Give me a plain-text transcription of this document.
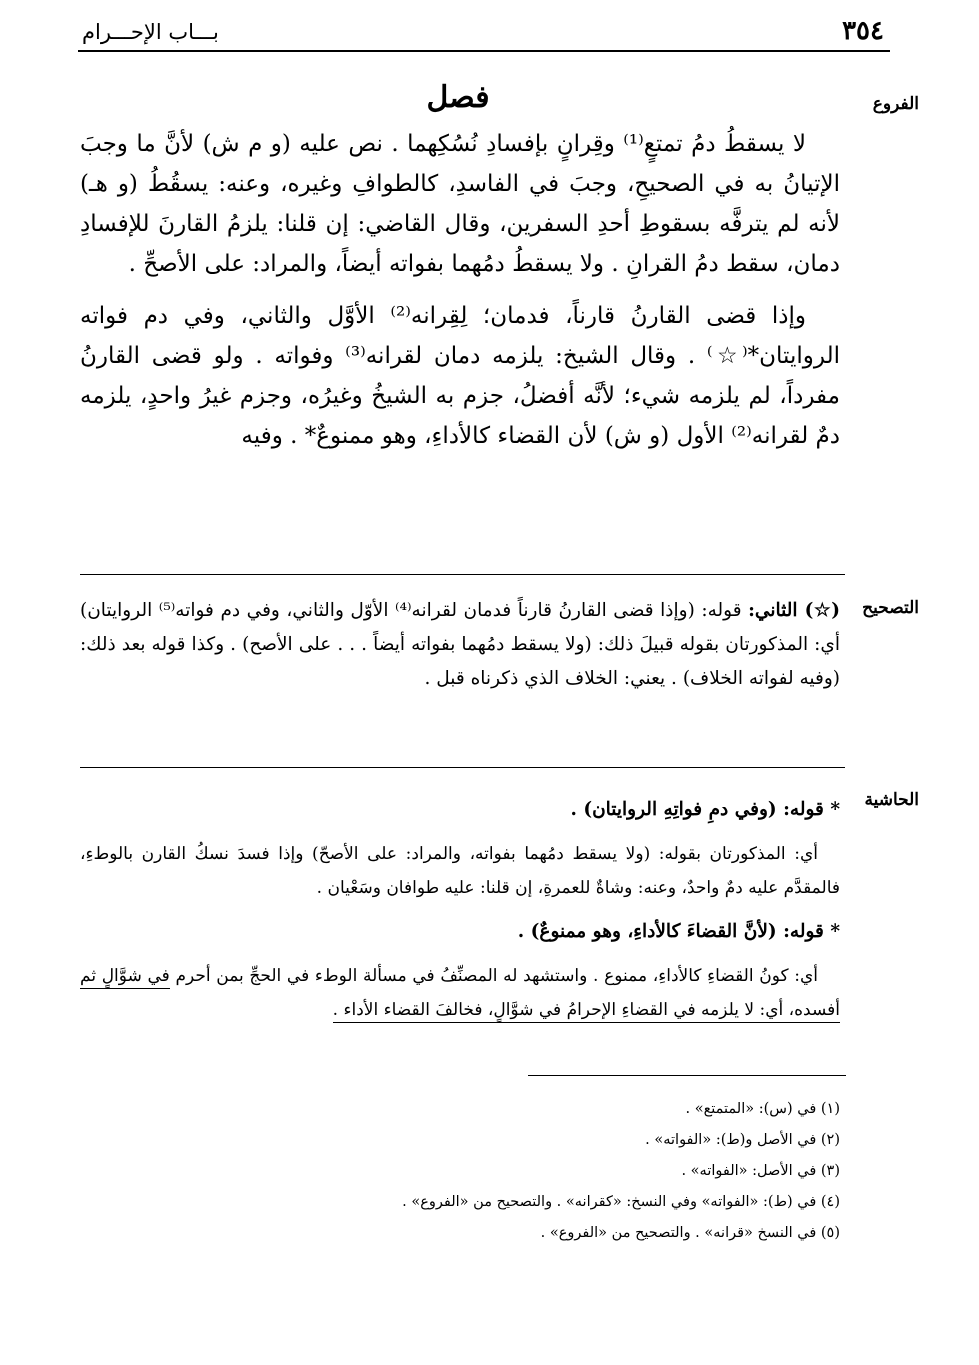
٣٥٤
بـــاب الإحـــرام
الفروع
فصل

لا يسقطُ دمُ تمتعٍ⁽¹⁾ وقِرانٍ بإفسادِ نُسُكِهما . نص عليه (و م ش) لأنَّ ما وجبَ الإتيانُ به في الصحيحِ، وجبَ في الفاسدِ، كالطوافِ وغيره، وعنه: يسقُطُ (و هـ) لأنه لم يترفَّه بسقوطِ أحدِ السفرين، وقال القاضي: إن قلنا: يلزمُ القارنَ للإفسادِ دمان، سقط دمُ القرانِ . ولا يسقطُ دمُهما بفواته أيضاً، والمراد: على الأصحِّ .

وإذا قضى القارنُ قارناً، فدمان؛ لِقِرانه⁽²⁾ الأوَّل والثاني، وفي دم فواته الروايتان*⁽☆⁾ . وقال الشيخ: يلزمه دمان لقرانه⁽³⁾ وفواته . ولو قضى القارنُ مفرداً، لم يلزمه شيء؛ لأنَّه أفضلُ، جزم به الشيخُ وغيرُه، وجزم غيرُ واحدٍ، يلزمه دمٌ لقرانه⁽²⁾ الأول (و ش) لأن القضاء كالأداءِ، وهو ممنوعٌ* . وفيه

التصحيح

(☆) الثاني: قوله: (وإذا قضى القارنُ قارناً فدمان لقرانه⁽⁴⁾ الأوّل والثاني، وفي دم فواته⁽⁵⁾ الروايتان) أي: المذكورتان بقوله قبيلَ ذلك: (ولا يسقط دمُهما بفواته أيضاً . . . على الأصح) . وكذا قوله بعد ذلك: (وفيه لفواته الخلاف) . يعني: الخلاف الذي ذكرناه قبل .

الحاشية

* قوله: (وفي دمِ فواتِهِ الروايتان) .

أي: المذكورتان بقوله: (ولا يسقط دمُهما بفواته، والمراد: على الأصحّ) وإذا فسدَ نسكُ القارن بالوطءِ، فالمقدَّم عليه دمٌ واحدٌ، وعنه: وشاةٌ للعمرةِ، إن قلنا: عليه طوافان وسَعْيان .

* قوله: (لأنَّ القضاءَ كالأداءِ، وهو ممنوعٌ) .

أي: كونُ القضاءِ كالأداءِ، ممنوع . واستشهد له المصنِّفُ في مسألة الوطء في الحجِّ بمن أحرم في شوَّالٍ ثم أفسده، أي: لا يلزمه في القضاءِ الإحرامُ في شوَّالٍ، فخالفَ القضاء الأداء .

(١) في (س): «المتمتع» .
(٢) في الأصل و(ط): «الفواته» .
(٣) في الأصل: «الفواته» .
(٤) في (ط): «الفواته» وفي النسخ: «كقرانه» . والتصحيح من «الفروع» .
(٥) في النسخ «قرانه» . والتصحيح من «الفروع» .
